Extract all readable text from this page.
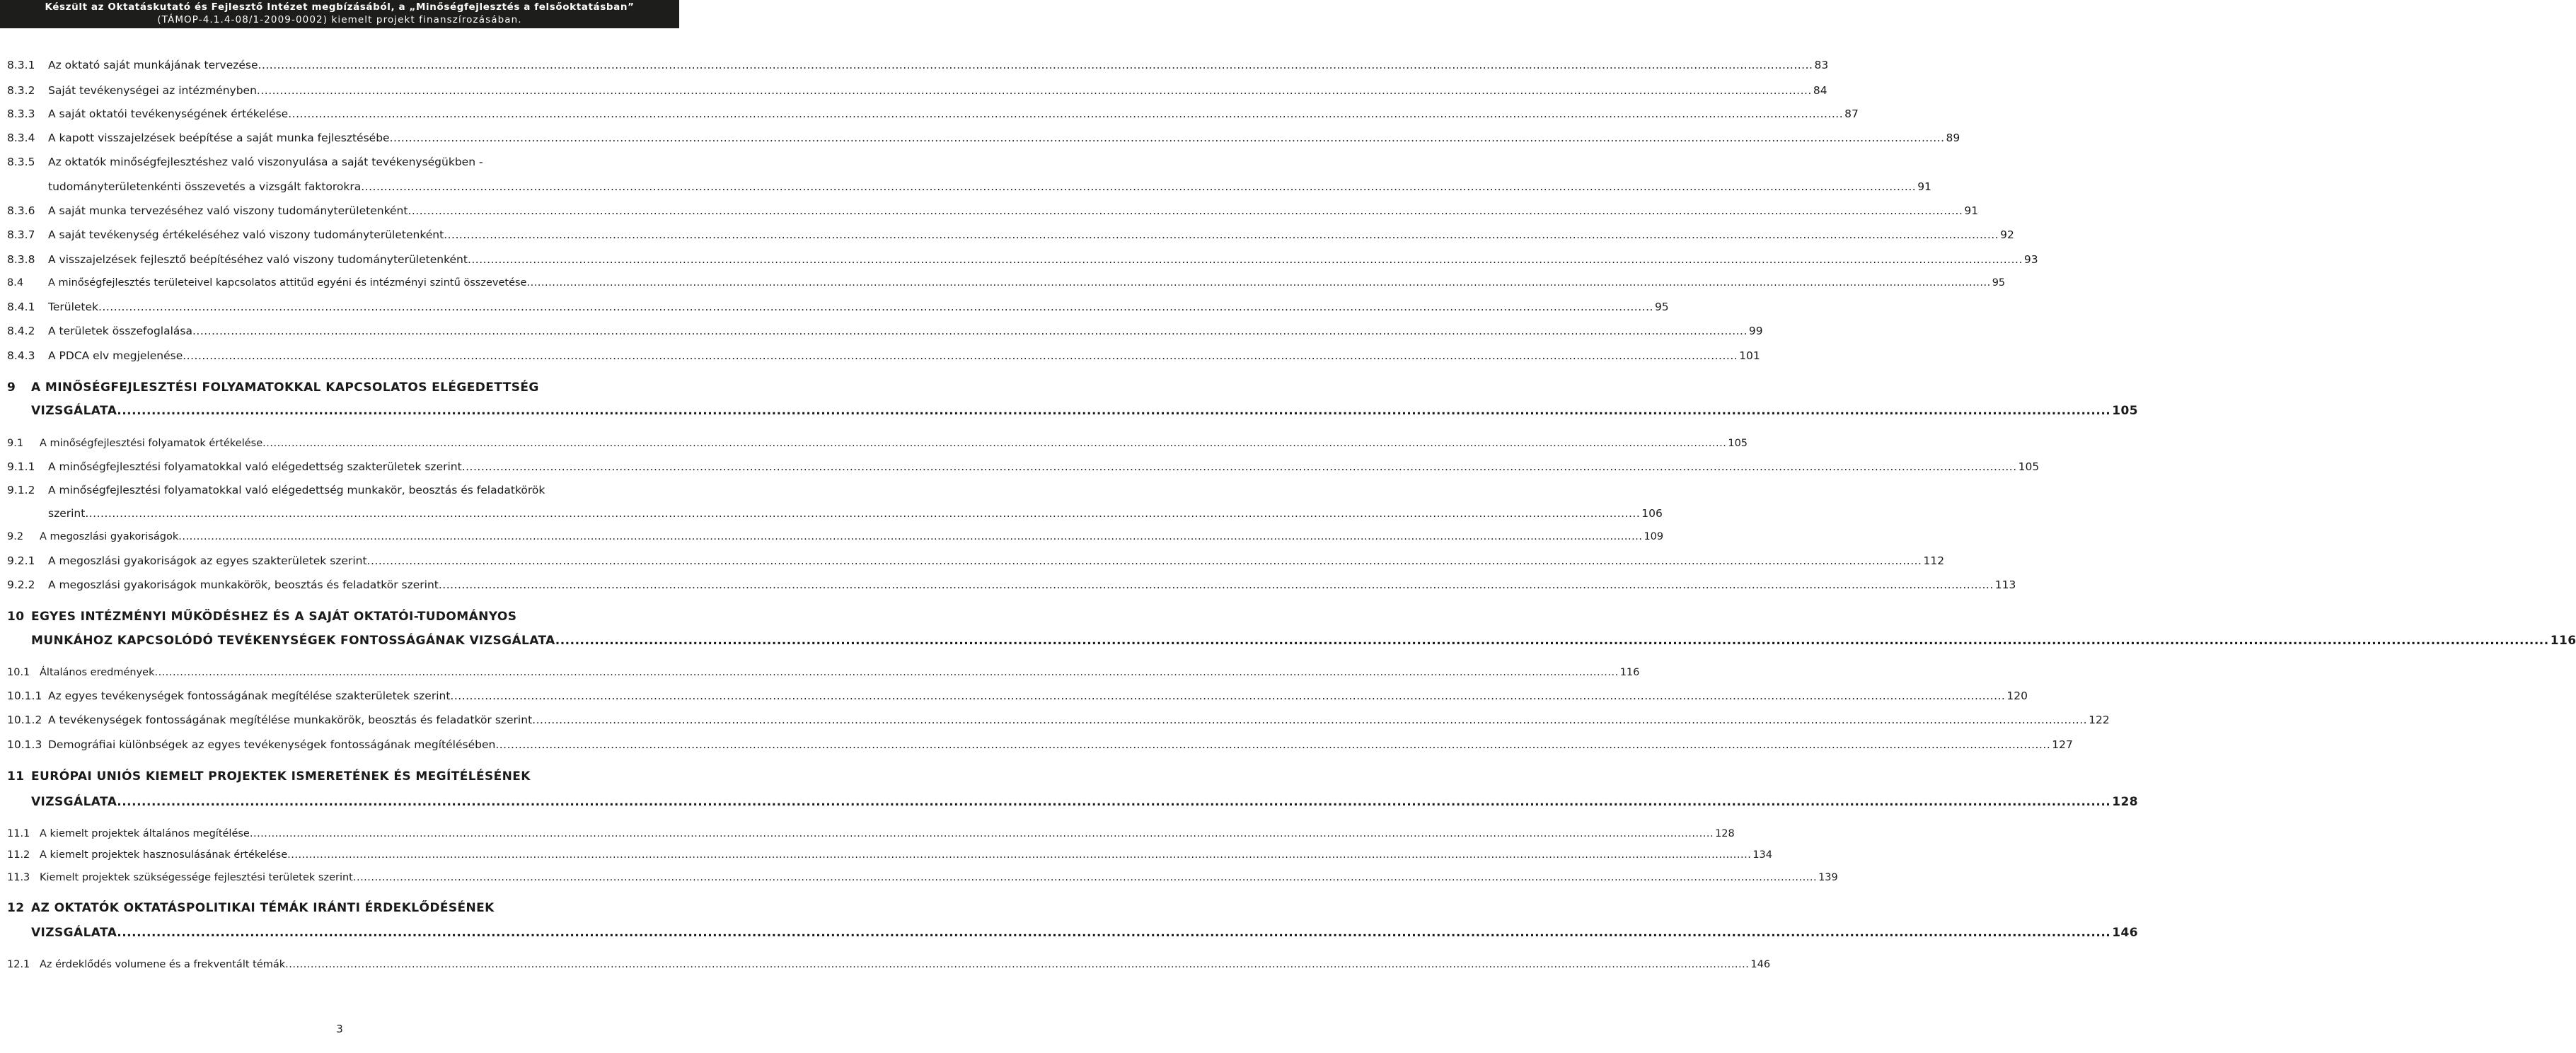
Készült az Oktatáskutató és Fejlesztő Intézet megbízásából, a „Minőségfejlesztés a felsőoktatásban”
(TÁMOP-4.1.4-08/1-2009-0002) kiemelt projekt finanszírozásában.
8.3.1	Az oktató saját munkájának tervezése .....	83
8.3.2	Saját tevékenységei az intézményben .....	84
8.3.3	A saját oktatói tevékenységének értékelése .....	87
8.3.4	A kapott visszajelzések beépítése a saját munka fejlesztésébe .....	89
8.3.5	Az oktatók minőségfejlesztéshez való viszonyulása a saját tevékenységükben -
tudományterületenkénti összevetés a vizsgált faktorokra .....	91
8.3.6	A saját munka tervezéséhez való viszony tudományterületenként .....	91
8.3.7	A saját tevékenység értékeléséhez való viszony tudományterületenként .....	92
8.3.8	A visszajelzések fejlesztő beépítéséhez való viszony tudományterületenként .....	93
8.4	A minőségfejlesztés területeivel kapcsolatos attitűd egyéni és intézményi szintű összevetése .....	95
8.4.1	Területek .....	95
8.4.2	A területek összefoglalása .....	99
8.4.3	A PDCA elv megjelenése .....	101
9	A MINŐSÉGFEJLESZTÉSI FOLYAMATOKKAL KAPCSOLATOS ELÉGEDETTSÉG
VIZSGÁLATA .....	105
9.1	A minőségfejlesztési folyamatok értékelése .....	105
9.1.1	A minőségfejlesztési folyamatokkal való elégedettség szakterületek szerint .....	105
9.1.2	A minőségfejlesztési folyamatokkal való elégedettség munkakör, beosztás és feladatkörök
szerint .....	106
9.2	A megoszlási gyakoriságok .....	109
9.2.1	A megoszlási gyakoriságok az egyes szakterületek szerint .....	112
9.2.2	A megoszlási gyakoriságok munkakörök, beosztás és feladatkör szerint .....	113
10 EGYES INTÉZMÉNYI MŰKÖDÉSHEZ ÉS A SAJÁT OKTATÓI-TUDOMÁNYOS
MUNKÁHOZ KAPCSOLÓDÓ TEVÉKENYSÉGEK FONTOSSÁGÁNAK VIZSGÁLATA .....	116
10.1 Általános eredmények .....	116
10.1.1 Az egyes tevékenységek fontosságának megítélése szakterületek szerint .....	120
10.1.2 A tevékenységek fontosságának megítélése munkakörök, beosztás és feladatkör szerint .....	122
10.1.3 Demográfiai különbségek az egyes tevékenységek fontosságának megítélésében .....	127
11 EURÓPAI UNIÓS KIEMELT PROJEKTEK ISMERETÉNEK ÉS MEGÍTÉLÉSÉNEK
VIZSGÁLATA .....	128
11.1 A kiemelt projektek általános megítélése .....	128
11.2 A kiemelt projektek hasznosulásának értékelése .....	134
11.3 Kiemelt projektek szükségessége fejlesztési területek szerint .....	139
12 AZ OKTATÓK OKTATÁSPOLITIKAI TÉMÁK IRÁNTI ÉRDEKLŐDÉSÉNEK
VIZSGÁLATA .....	146
12.1 Az érdeklődés volumene és a frekventált témák .....	146
3
